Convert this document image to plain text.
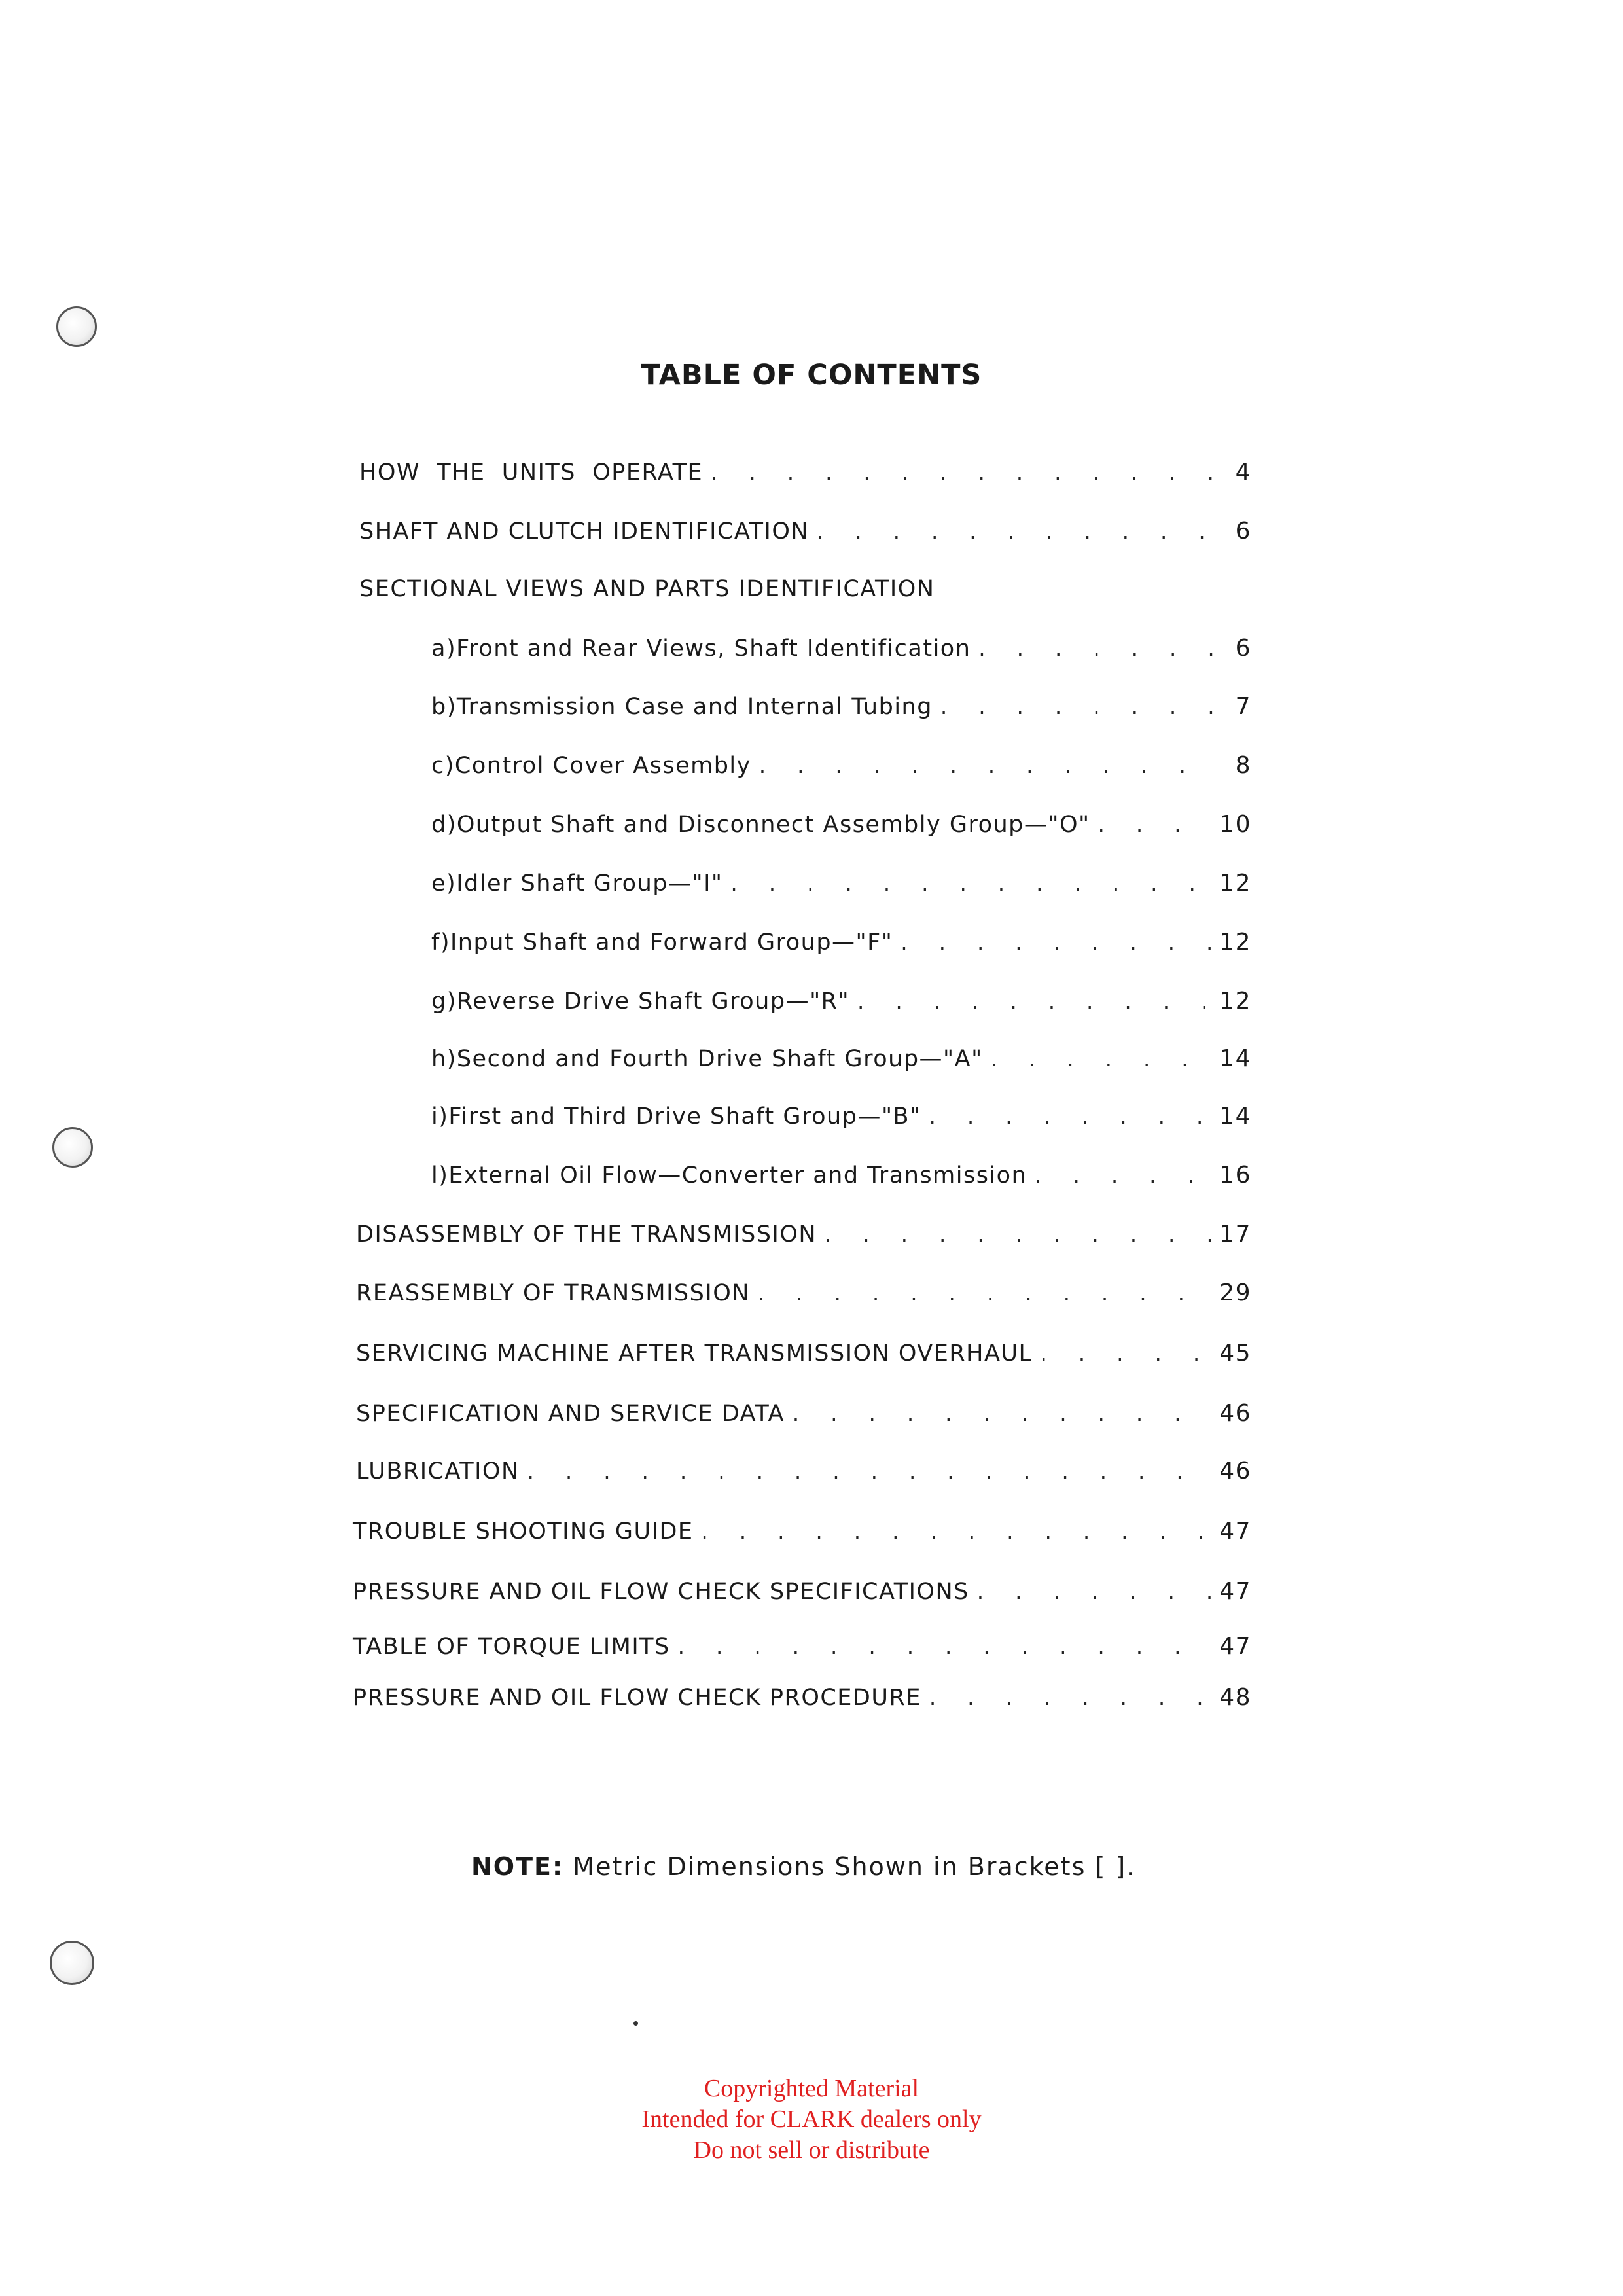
TABLE OF CONTENTS
HOW  THE  UNITS  OPERATE . . .	4
SHAFT AND CLUTCH IDENTIFICATION . . .	6
SECTIONAL VIEWS AND PARTS IDENTIFICATION
a) Front and Rear Views, Shaft Identification . . .	6
b) Transmission Case and Internal Tubing . . .	7
c) Control Cover Assembly . . .	8
d) Output Shaft and Disconnect Assembly Group—"O" . . .	10
e) Idler Shaft Group—"I" . . .	12
f) Input Shaft and Forward Group—"F" . . .	12
g) Reverse Drive Shaft Group—"R" . . .	12
h) Second and Fourth Drive Shaft Group—"A" . . .	14
i) First and Third Drive Shaft Group—"B" . . .	14
l) External Oil Flow—Converter and Transmission . . .	16
DISASSEMBLY OF THE TRANSMISSION . . .	17
REASSEMBLY OF TRANSMISSION . . .	29
SERVICING MACHINE AFTER TRANSMISSION OVERHAUL . . .	45
SPECIFICATION AND SERVICE DATA . . .	46
LUBRICATION . . .	46
TROUBLE SHOOTING GUIDE . . .	47
PRESSURE AND OIL FLOW CHECK SPECIFICATIONS . . .	47
TABLE OF TORQUE LIMITS . . .	47
PRESSURE AND OIL FLOW CHECK PROCEDURE . . .	48
NOTE: Metric Dimensions Shown in Brackets [ ].
Copyrighted Material
Intended for CLARK dealers only
Do not sell or distribute
